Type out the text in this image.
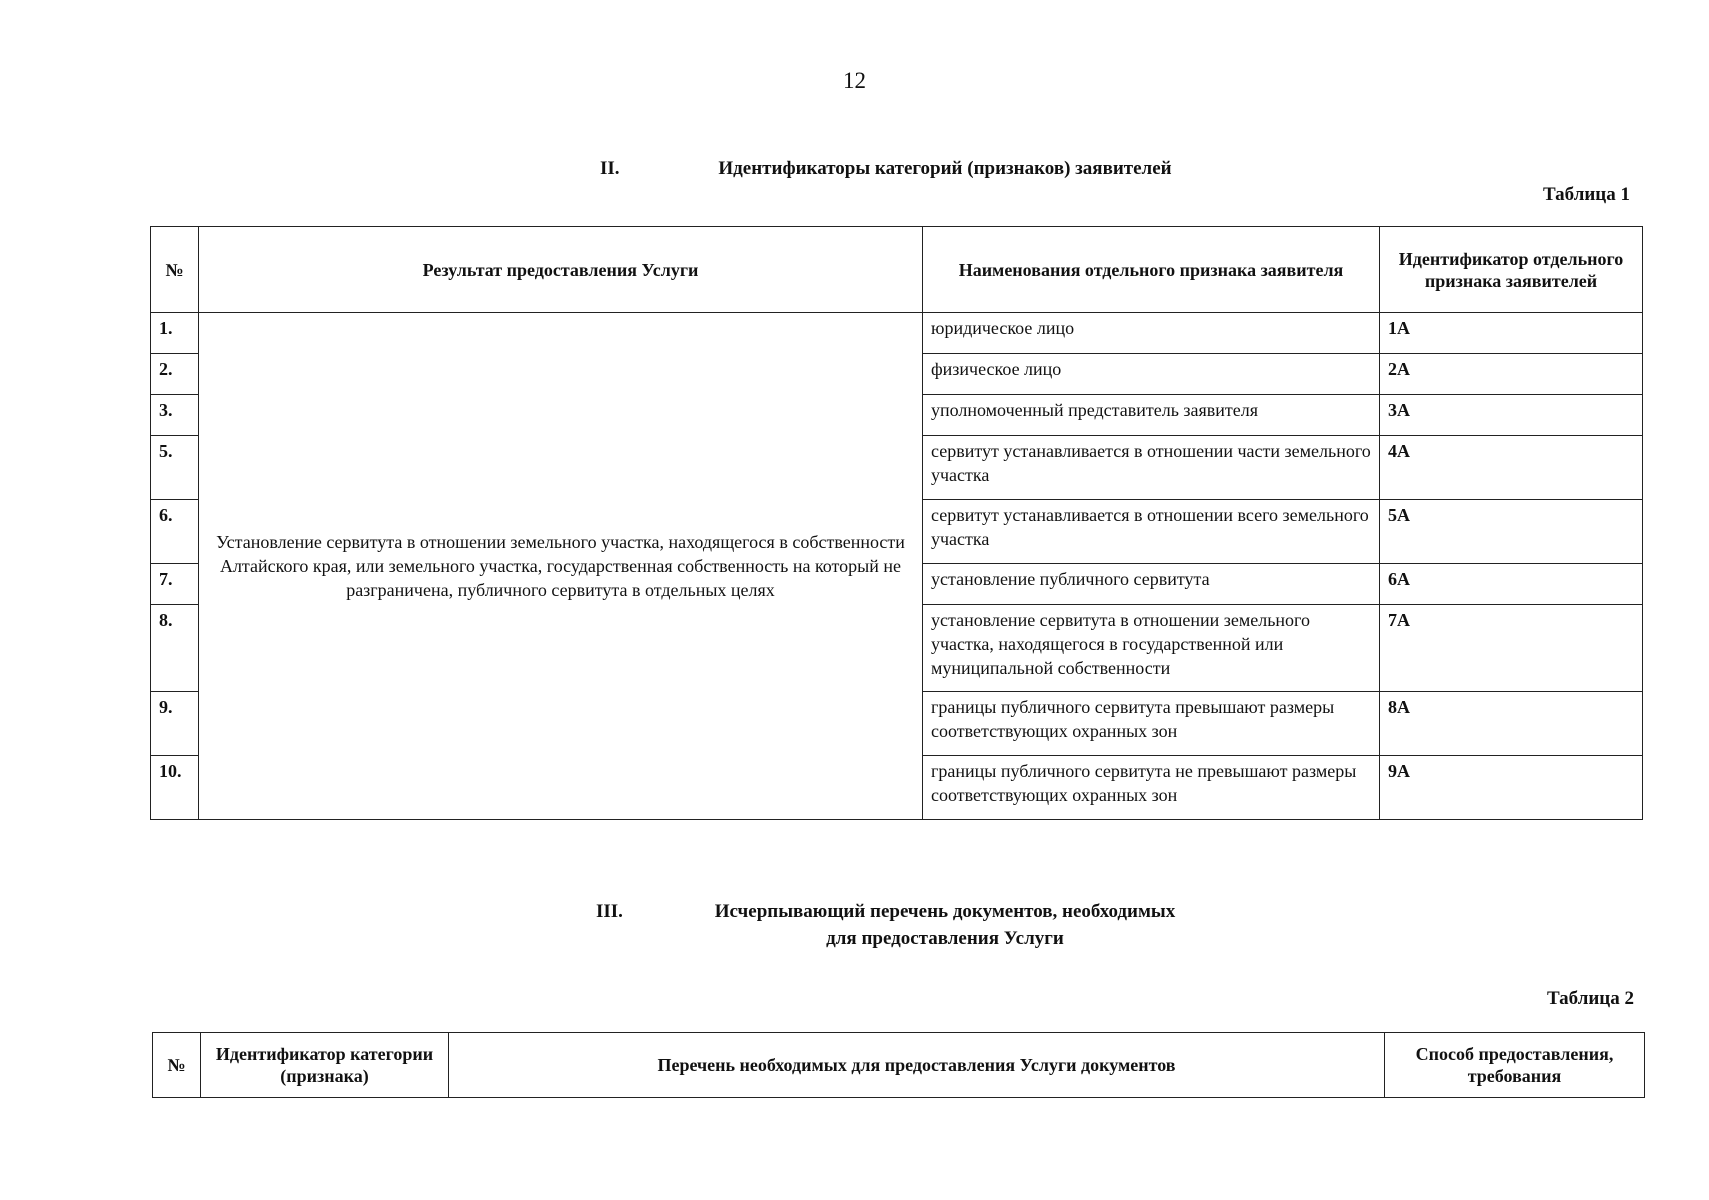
12
II.	Идентификаторы категорий (признаков) заявителей
Таблица 1
№	Результат предоставления Услуги	Наименования отдельного признака заявителя	Идентификатор отдельного признака заявителей
1.	Установление сервитута в отношении земельного участка, находящегося в собственности Алтайского края, или земельного участка, государственная собственность на который не разграничена, публичного сервитута в отдельных целях	юридическое лицо	1А
2.		физическое лицо	2А
3.		уполномоченный представитель заявителя	3А
5.		сервитут устанавливается в отношении части земельного участка	4А
6.		сервитут устанавливается в отношении всего земельного участка	5А
7.		установление публичного сервитута	6А
8.		установление сервитута в отношении земельного участка, находящегося в государственной или муниципальной собственности	7А
9.		границы публичного сервитута превышают размеры соответствующих охранных зон	8А
10.		границы публичного сервитута не превышают размеры соответствующих охранных зон	9А
III.	Исчерпывающий перечень документов, необходимых
для предоставления Услуги
Таблица 2
№	Идентификатор категории (признака)	Перечень необходимых для предоставления Услуги документов	Способ предоставления, требования
